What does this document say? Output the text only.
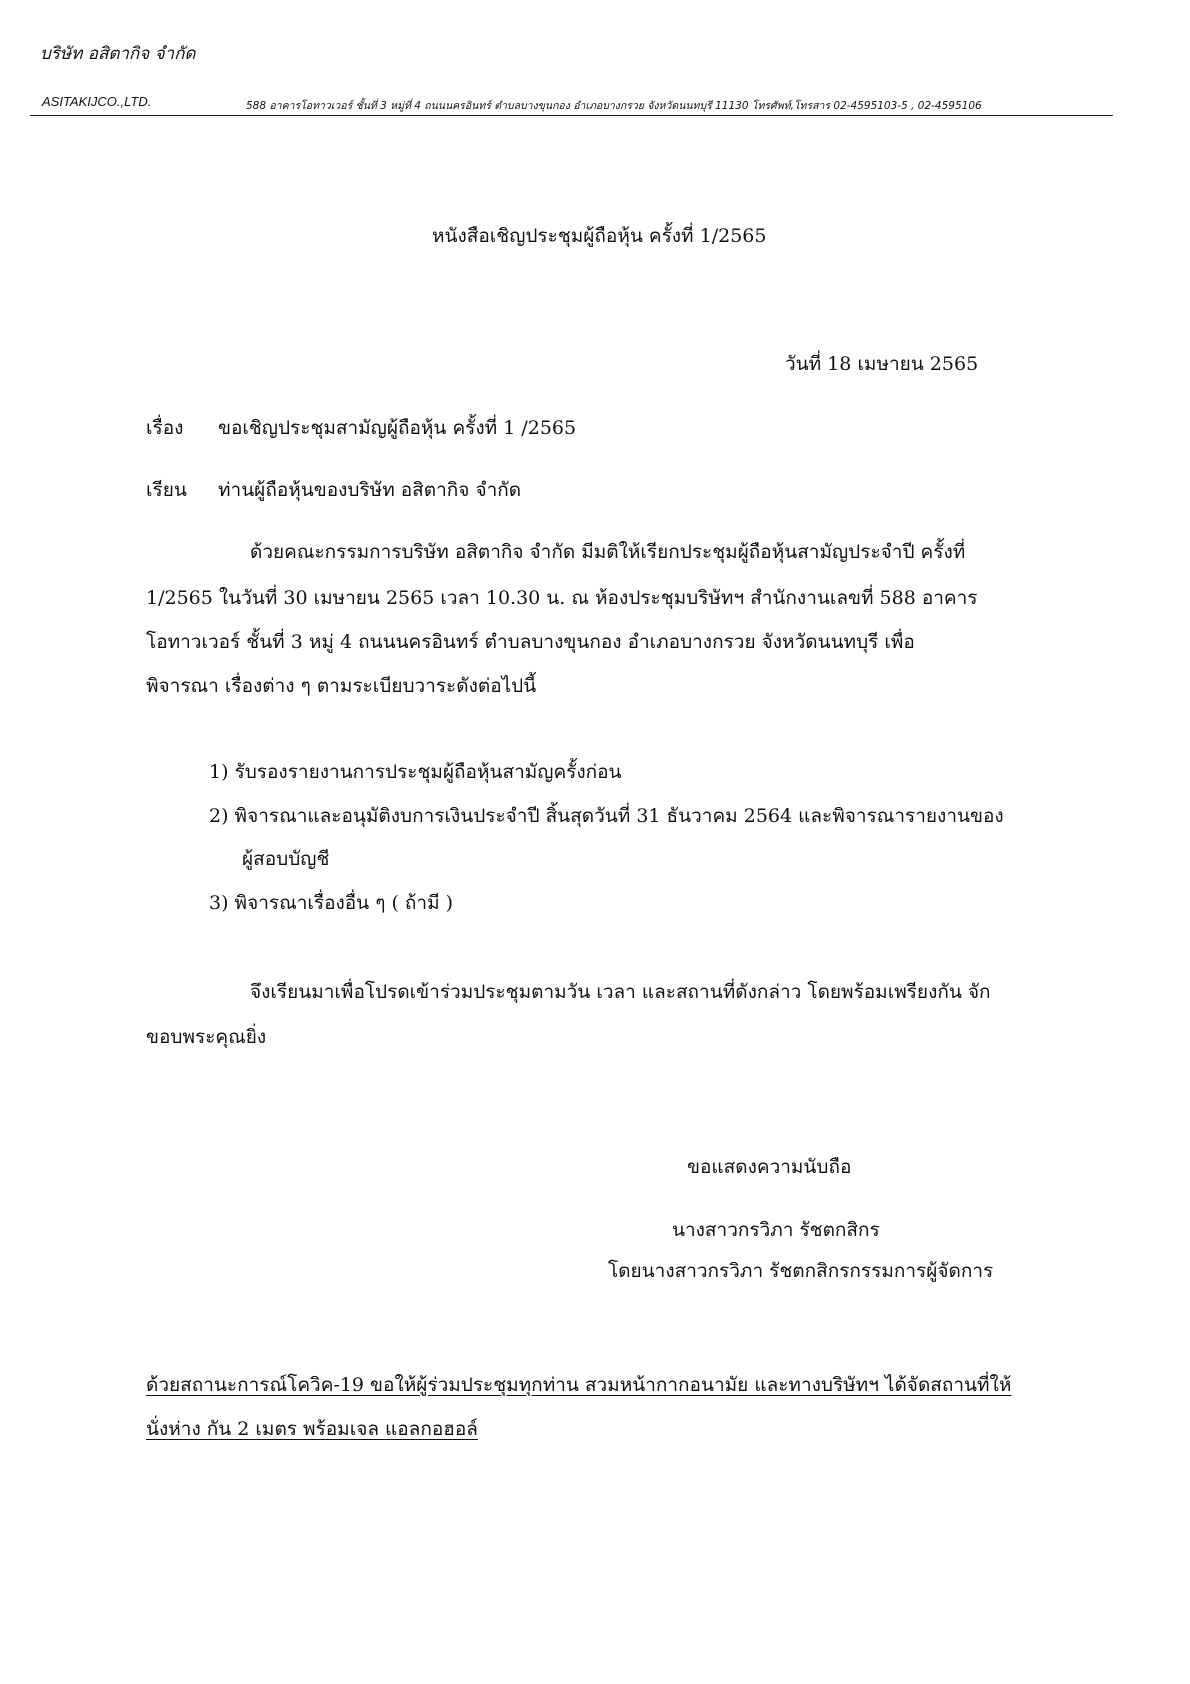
บริษัท อสิตากิจ จำกัด
ASITAKIJCO.,LTD.	588 อาคารโอทาวเวอร์ ชั้นที่ 3 หมู่ที่ 4 ถนนนครอินทร์ ตำบลบางขุนกอง อำเภอบางกรวย จังหวัดนนทบุรี 11130 โทรศัพท์,โทรสาร 02-4595103-5 , 02-4595106
หนังสือเชิญประชุมผู้ถือหุ้น ครั้งที่ 1/2565
วันที่ 18 เมษายน 2565
เรื่อง ขอเชิญประชุมสามัญผู้ถือหุ้น ครั้งที่ 1 /2565
เรียน ท่านผู้ถือหุ้นของบริษัท อสิตากิจ จำกัด
ด้วยคณะกรรมการบริษัท อสิตากิจ จำกัด มีมติให้เรียกประชุมผู้ถือหุ้นสามัญประจำปี ครั้งที่
1/2565 ในวันที่ 30 เมษายน 2565 เวลา 10.30 น. ณ ห้องประชุมบริษัทฯ สำนักงานเลขที่ 588 อาคาร
โอทาวเวอร์ ชั้นที่ 3 หมู่ 4 ถนนนครอินทร์ ตำบลบางขุนกอง อำเภอบางกรวย จังหวัดนนทบุรี เพื่อ
พิจารณา เรื่องต่าง ๆ ตามระเบียบวาระดังต่อไปนี้
1) รับรองรายงานการประชุมผู้ถือหุ้นสามัญครั้งก่อน
2) พิจารณาและอนุมัติงบการเงินประจำปี สิ้นสุดวันที่ 31 ธันวาคม 2564 และพิจารณารายงานของ
ผู้สอบบัญชี
3) พิจารณาเรื่องอื่น ๆ ( ถ้ามี )
จึงเรียนมาเพื่อโปรดเข้าร่วมประชุมตามวัน เวลา และสถานที่ดังกล่าว โดยพร้อมเพรียงกัน จัก
ขอบพระคุณยิ่ง
ขอแสดงความนับถือ
นางสาวกรวิภา รัชตกสิกร
โดยนางสาวกรวิภา รัชตกสิกรกรรมการผู้จัดการ
ด้วยสถานะการณ์โควิค-19 ขอให้ผู้ร่วมประชุมทุกท่าน สวมหน้ากากอนามัย และทางบริษัทฯ ได้จัดสถานที่ให้
นั่งห่าง กัน 2 เมตร พร้อมเจล แอลกอฮอล์
